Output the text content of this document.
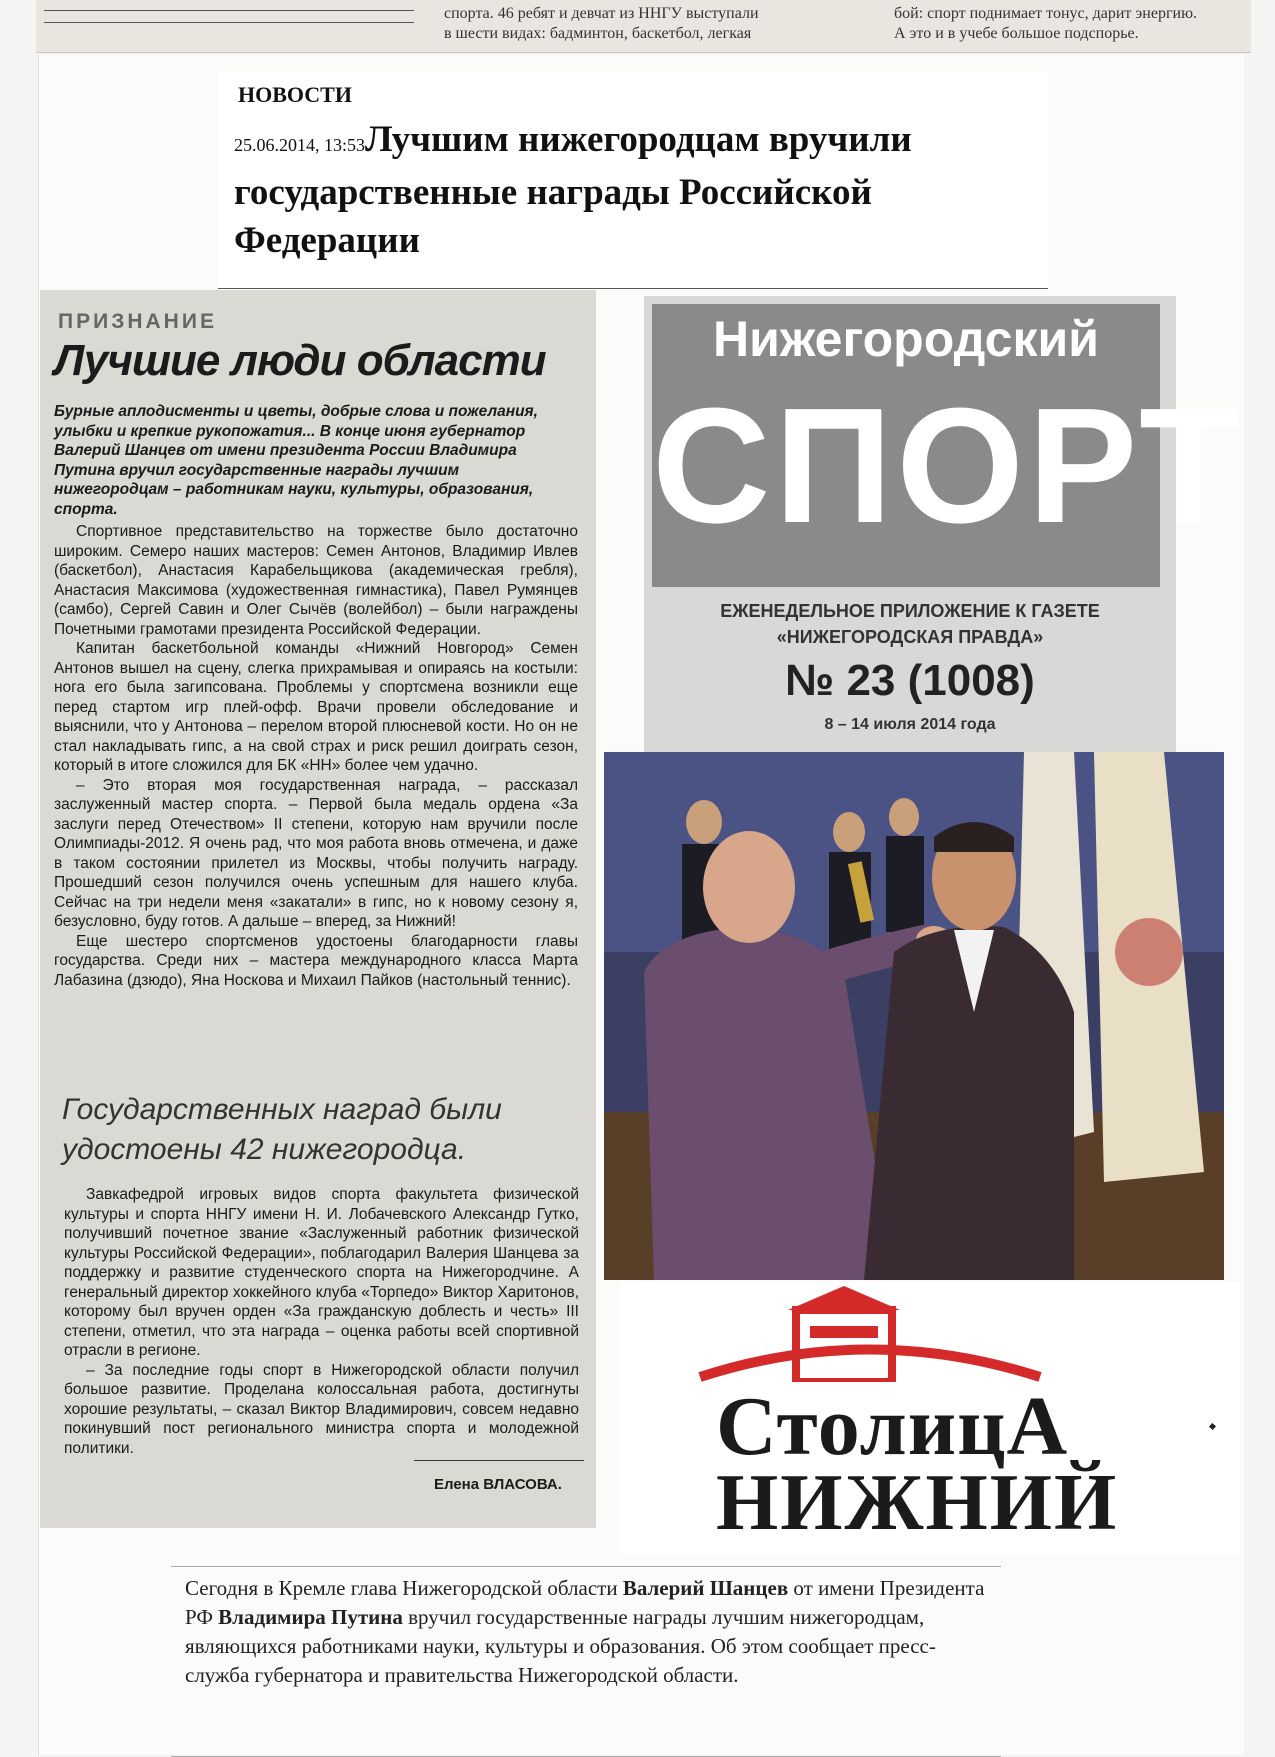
спорта. 46 ребят и девчат из ННГУ выступали
в шести видах: бадминтон, баскетбол, легкая
бой: спорт поднимает тонус, дарит энергию.
А это и в учебе большое подспорье.
НОВОСТИ
25.06.2014, 13:53Лучшим нижегородцам вручили государственные награды Российской Федерации
ПРИЗНАНИЕ
Лучшие люди области
Бурные аплодисменты и цветы, добрые слова и пожелания, улыбки и крепкие рукопожатия... В конце июня губернатор Валерий Шанцев от имени президента России Владимира Путина вручил государственные награды лучшим нижегородцам – работникам науки, культуры, образования, спорта.

Спортивное представительство на торжестве было достаточно широким. Семеро наших мастеров: Семен Антонов, Владимир Ивлев (баскетбол), Анастасия Карабельщикова (академическая гребля), Анастасия Максимова (художественная гимнастика), Павел Румянцев (самбо), Сергей Савин и Олег Сычёв (волейбол) – были награждены Почетными грамотами президента Российской Федерации.

Капитан баскетбольной команды «Нижний Новгород» Семен Антонов вышел на сцену, слегка прихрамывая и опираясь на костыли: нога его была загипсована. Проблемы у спортсмена возникли еще перед стартом игр плей-офф. Врачи провели обследование и выяснили, что у Антонова – перелом второй плюсневой кости. Но он не стал накладывать гипс, а на свой страх и риск решил доиграть сезон, который в итоге сложился для БК «НН» более чем удачно.

– Это вторая моя государственная награда, – рассказал заслуженный мастер спорта. – Первой была медаль ордена «За заслуги перед Отечеством» II степени, которую нам вручили после Олимпиады-2012. Я очень рад, что моя работа вновь отмечена, и даже в таком состоянии прилетел из Москвы, чтобы получить награду. Прошедший сезон получился очень успешным для нашего клуба. Сейчас на три недели меня «закатали» в гипс, но к новому сезону я, безусловно, буду готов. А дальше – вперед, за Нижний!

Еще шестеро спортсменов удостоены благодарности главы государства. Среди них – мастера международного класса Марта Лабазина (дзюдо), Яна Носкова и Михаил Пайков (настольный теннис).

Государственных наград были удостоены 42 нижегородца.

Завкафедрой игровых видов спорта факультета физической культуры и спорта ННГУ имени Н. И. Лобачевского Александр Гутко, получивший почетное звание «Заслуженный работник физической культуры Российской Федерации», поблагодарил Валерия Шанцева за поддержку и развитие студенческого спорта на Нижегородчине. А генеральный директор хоккейного клуба «Торпедо» Виктор Харитонов, которому был вручен орден «За гражданскую доблесть и честь» III степени, отметил, что эта награда – оценка работы всей спортивной отрасли в регионе.

– За последние годы спорт в Нижегородской области получил большое развитие. Проделана колоссальная работа, достигнуты хорошие результаты, – сказал Виктор Владимирович, совсем недавно покинувший пост регионального министра спорта и молодежной политики.

Елена ВЛАСОВА.
Нижегородский
СПОРТ
ЕЖЕНЕДЕЛЬНОЕ ПРИЛОЖЕНИЕ К ГАЗЕТЕ «НИЖЕГОРОДСКАЯ ПРАВДА»
№ 23 (1008)
8 – 14 июля 2014 года
СтолицА
НИЖНИЙ
Сегодня в Кремле глава Нижегородской области Валерий Шанцев от имени Президента РФ Владимира Путина вручил государственные награды лучшим нижегородцам, являющихся работниками науки, культуры и образования. Об этом сообщает пресс-служба губернатора и правительства Нижегородской области.
